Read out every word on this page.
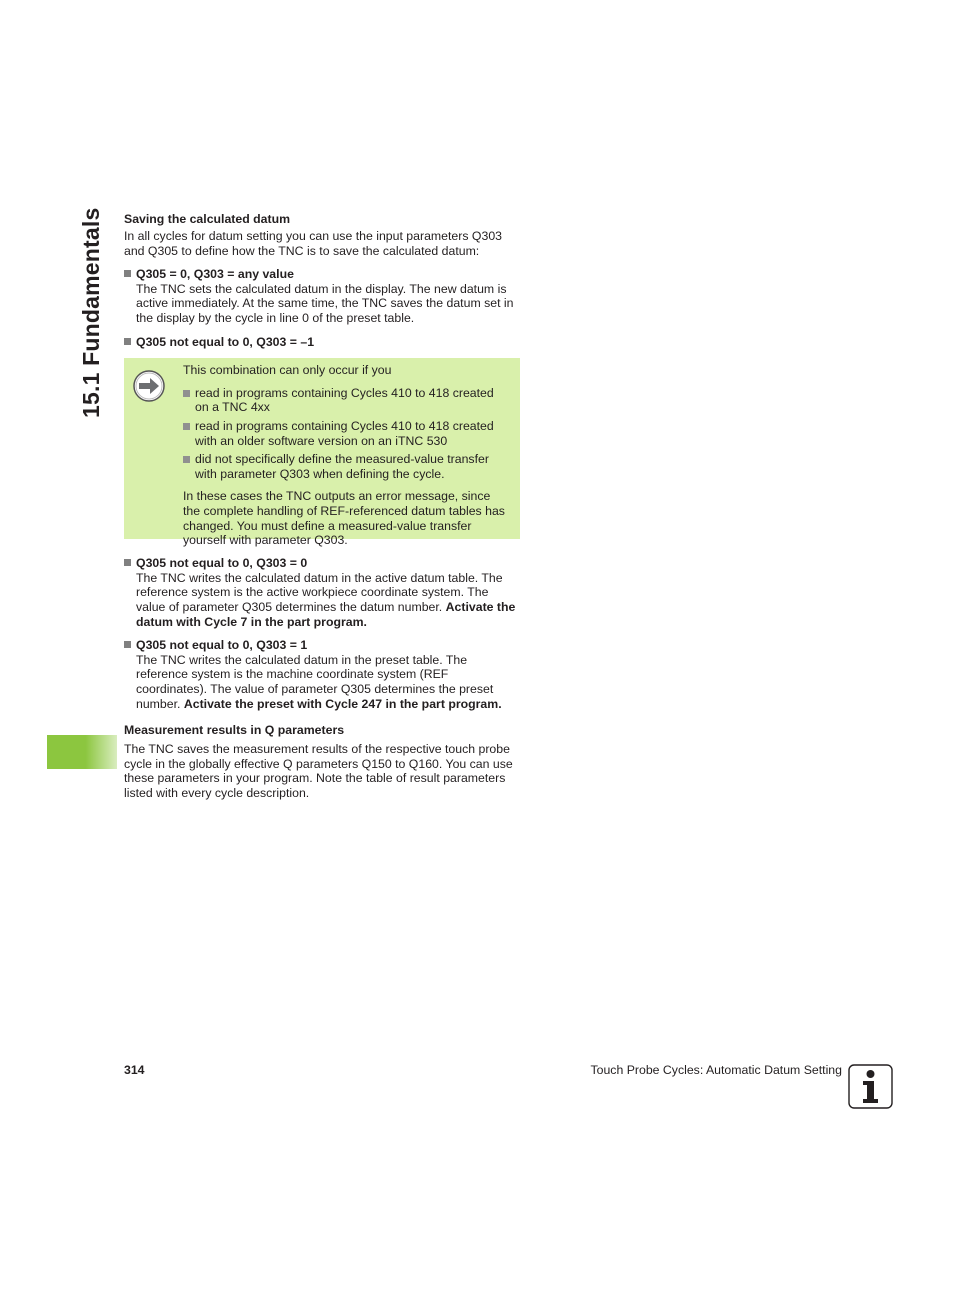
15.1 Fundamentals Saving the calculated datum

In all cycles for datum setting you can use the input parameters Q303 and Q305 to define how the TNC is to save the calculated datum:

Q305 = 0, Q303 = any value

The TNC sets the calculated datum in the display. The new datum is active immediately. At the same time, the TNC saves the datum set in the display by the cycle in line 0 of the preset table.

Q305 not equal to 0, Q303 = –1

This combination can only occur if you

read in programs containing Cycles 410 to 418 created on a TNC 4xx
read in programs containing Cycles 410 to 418 created with an older software version on an iTNC 530
did not specifically define the measured-value transfer with parameter Q303 when defining the cycle.

In these cases the TNC outputs an error message, since the complete handling of REF-referenced datum tables has changed. You must define a measured-value transfer yourself with parameter Q303.

Q305 not equal to 0, Q303 = 0

The TNC writes the calculated datum in the active datum table. The reference system is the active workpiece coordinate system. The value of parameter Q305 determines the datum number. Activate the datum with Cycle 7 in the part program.

Q305 not equal to 0, Q303 = 1

The TNC writes the calculated datum in the preset table. The reference system is the machine coordinate system (REF coordinates). The value of parameter Q305 determines the preset number. Activate the preset with Cycle 247 in the part program.

Measurement results in Q parameters

The TNC saves the measurement results of the respective touch probe cycle in the globally effective Q parameters Q150 to Q160. You can use these parameters in your program. Note the table of result parameters listed with every cycle description.

314	Touch Probe Cycles: Automatic Datum Setting
